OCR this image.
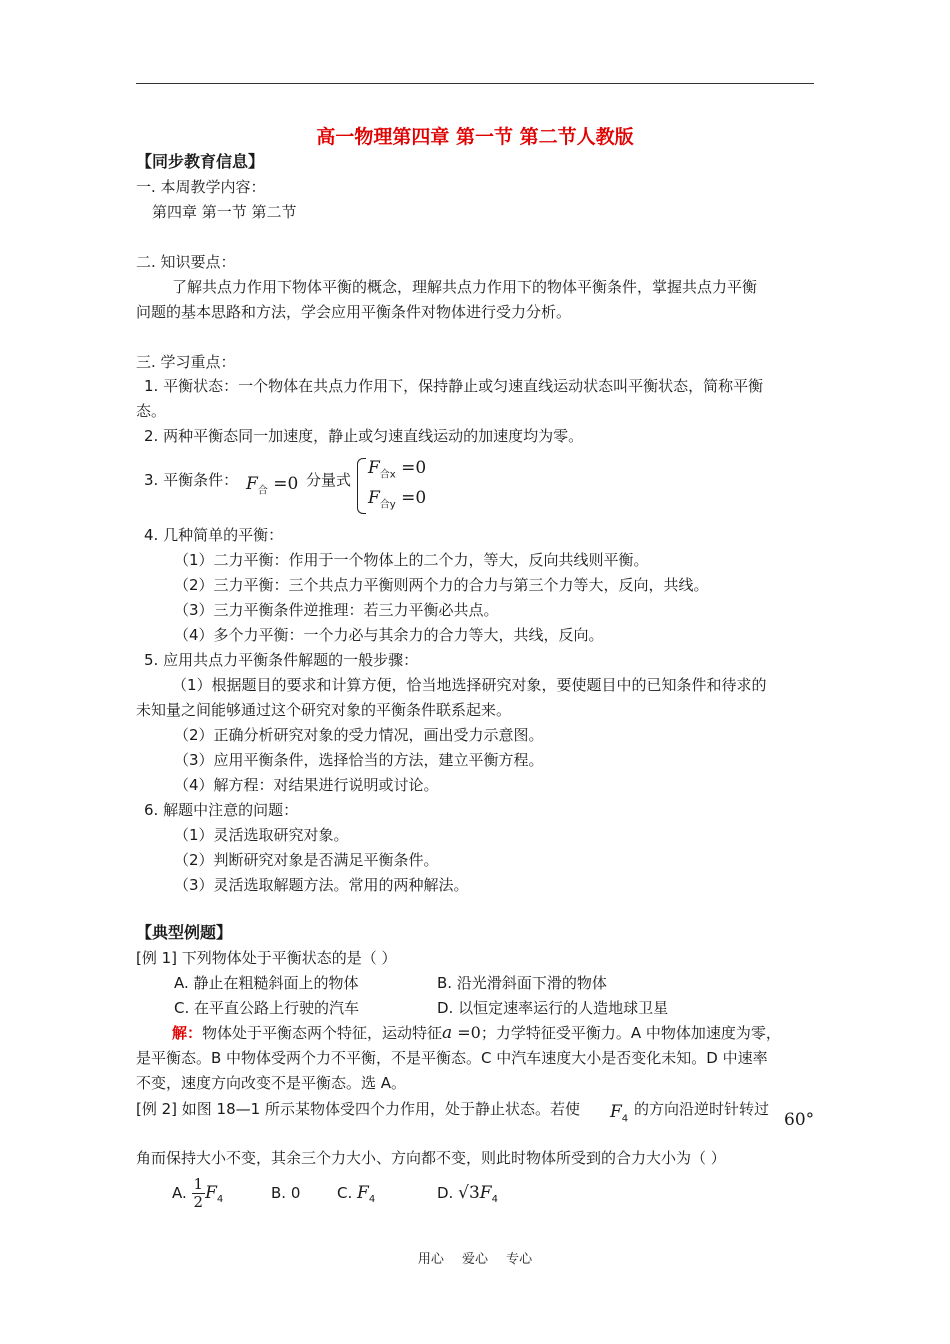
高一物理第四章 第一节 第二节人教版
【同步教育信息】
一. 本周教学内容：
第四章 第一节 第二节
二. 知识要点：
了解共点力作用下物体平衡的概念，理解共点力作用下的物体平衡条件，掌握共点力平衡
问题的基本思路和方法，学会应用平衡条件对物体进行受力分析。
三. 学习重点：
1. 平衡状态：一个物体在共点力作用下，保持静止或匀速直线运动状态叫平衡状态，简称平衡
态。
2. 两种平衡态同一加速度，静止或匀速直线运动的加速度均为零。
3. 平衡条件： $F_合 =0$ 分量式
$F_{合x} =0$
$F_{合y} =0$
4. 几种简单的平衡：
（1）二力平衡：作用于一个物体上的二个力，等大，反向共线则平衡。
（2）三力平衡：三个共点力平衡则两个力的合力与第三个力等大，反向，共线。
（3）三力平衡条件逆推理：若三力平衡必共点。
（4）多个力平衡：一个力必与其余力的合力等大，共线，反向。
5. 应用共点力平衡条件解题的一般步骤：
（1）根据题目的要求和计算方便，恰当地选择研究对象，要使题目中的已知条件和待求的
未知量之间能够通过这个研究对象的平衡条件联系起来。
（2）正确分析研究对象的受力情况，画出受力示意图。
（3）应用平衡条件，选择恰当的方法，建立平衡方程。
（4）解方程：对结果进行说明或讨论。
6. 解题中注意的问题：
（1）灵活选取研究对象。
（2）判断研究对象是否满足平衡条件。
（3）灵活选取解题方法。常用的两种解法。
【典型例题】
[例 1] 下列物体处于平衡状态的是（ ）
A. 静止在粗糙斜面上的物体	B. 沿光滑斜面下滑的物体
C. 在平直公路上行驶的汽车	D. 以恒定速率运行的人造地球卫星
解：物体处于平衡态两个特征，运动特征a =0；力学特征受平衡力。A 中物体加速度为零，
是平衡态。B 中物体受两个力不平衡，不是平衡态。C 中汽车速度大小是否变化未知。D 中速率
不变，速度方向改变不是平衡态。选 A。
[例 2] 如图 18—1 所示某物体受四个力作用，处于静止状态。若使 $F_4$
的方向沿逆时针转过
60°
角而保持大小不变，其余三个力大小、方向都不变，则此时物体所受到的合力大小为（ ）
A. $\frac{1}{2} F_4$	B. 0 C. $F_4$	D. $√3F_4$
用心 爱心 专心
